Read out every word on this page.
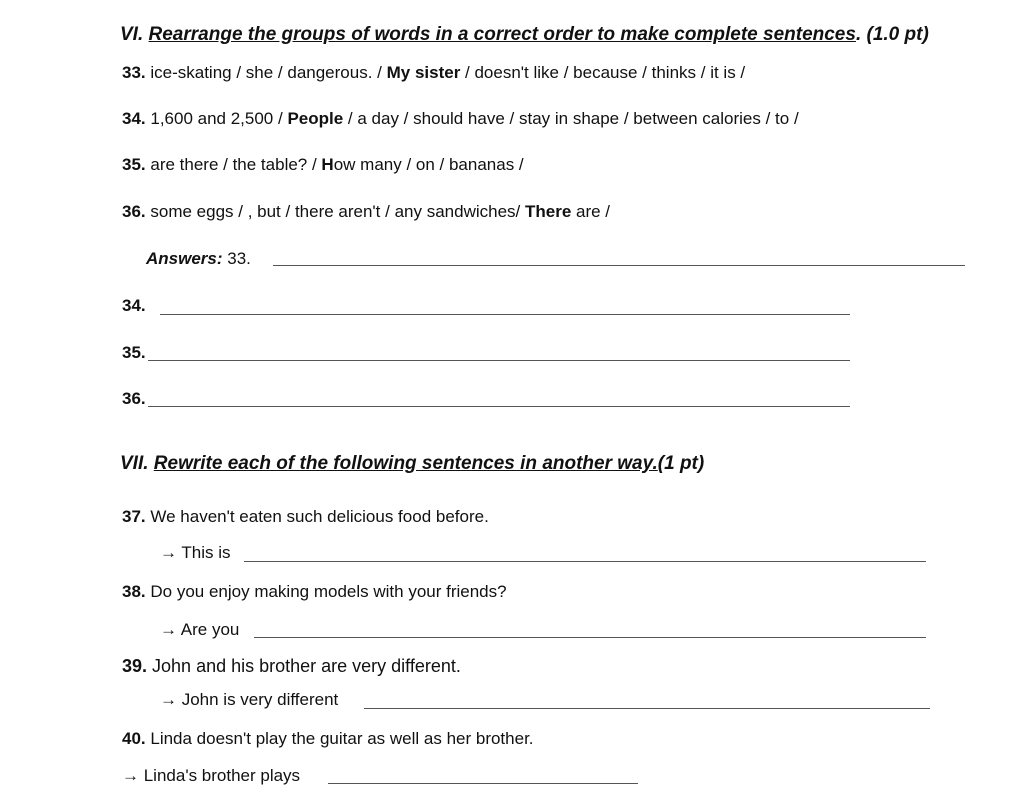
VI. Rearrange the groups of words in a correct order to make complete sentences. (1.0 pt)
33. ice-skating / she / dangerous. / My sister / doesn't like / because / thinks / it is /
34. 1,600 and 2,500 / People / a day / should have / stay in shape / between calories / to /
35. are there / the table? / How many / on / bananas /
36. some eggs / , but / there aren't / any sandwiches/ There are /
Answers: 33.
34.
35.
36.
VII. Rewrite each of the following sentences in another way.(1 pt)
37. We haven't eaten such delicious food before.
→ This is
38. Do you enjoy making models with your friends?
→ Are you
39. John and his brother are very different.
→ John is very different
40. Linda doesn't play the guitar as well as her brother.
→ Linda's brother plays
